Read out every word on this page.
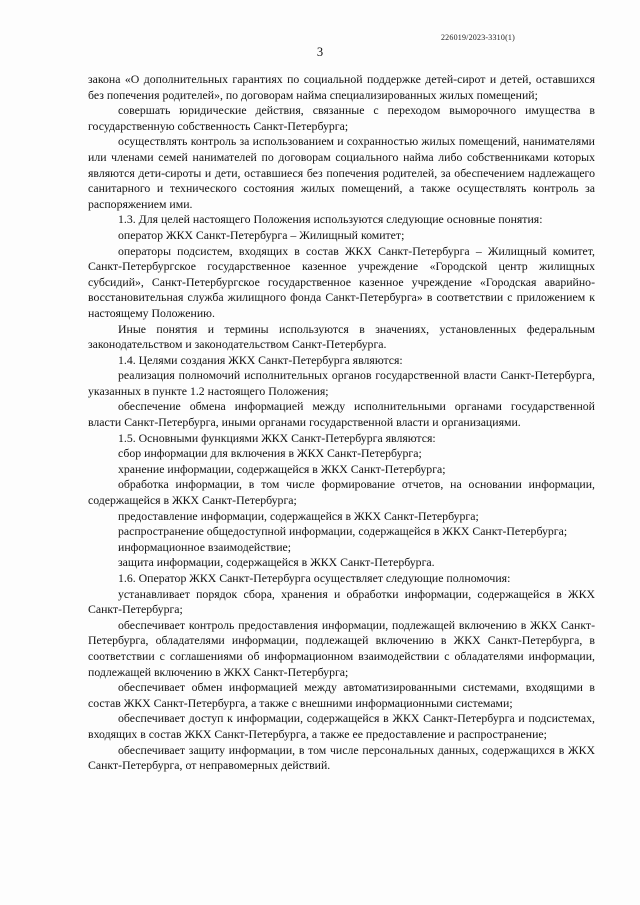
226019/2023-3310(1)
3

закона «О дополнительных гарантиях по социальной поддержке детей-сирот и детей, оставшихся без попечения родителей», по договорам найма специализированных жилых помещений;

совершать юридические действия, связанные с переходом выморочного имущества в государственную собственность Санкт-Петербурга;

осуществлять контроль за использованием и сохранностью жилых помещений, нанимателями или членами семей нанимателей по договорам социального найма либо собственниками которых являются дети-сироты и дети, оставшиеся без попечения родителей, за обеспечением надлежащего санитарного и технического состояния жилых помещений, а также осуществлять контроль за распоряжением ими.

1.3. Для целей настоящего Положения используются следующие основные понятия:

оператор ЖКХ Санкт-Петербурга – Жилищный комитет;

операторы подсистем, входящих в состав ЖКХ Санкт-Петербурга – Жилищный комитет, Санкт-Петербургское государственное казенное учреждение «Городской центр жилищных субсидий», Санкт-Петербургское государственное казенное учреждение «Городская аварийно-восстановительная служба жилищного фонда Санкт-Петербурга» в соответствии с приложением к настоящему Положению.

Иные понятия и термины используются в значениях, установленных федеральным законодательством и законодательством Санкт-Петербурга.

1.4. Целями создания ЖКХ Санкт-Петербурга являются:

реализация полномочий исполнительных органов государственной власти Санкт-Петербурга, указанных в пункте 1.2 настоящего Положения;

обеспечение обмена информацией между исполнительными органами государственной власти Санкт-Петербурга, иными органами государственной власти и организациями.

1.5. Основными функциями ЖКХ Санкт-Петербурга являются:

сбор информации для включения в ЖКХ Санкт-Петербурга;

хранение информации, содержащейся в ЖКХ Санкт-Петербурга;

обработка информации, в том числе формирование отчетов, на основании информации, содержащейся в ЖКХ Санкт-Петербурга;

предоставление информации, содержащейся в ЖКХ Санкт-Петербурга;

распространение общедоступной информации, содержащейся в ЖКХ Санкт-Петербурга;

информационное взаимодействие;

защита информации, содержащейся в ЖКХ Санкт-Петербурга.

1.6. Оператор ЖКХ Санкт-Петербурга осуществляет следующие полномочия:

устанавливает порядок сбора, хранения и обработки информации, содержащейся в ЖКХ Санкт-Петербурга;

обеспечивает контроль предоставления информации, подлежащей включению в ЖКХ Санкт-Петербурга, обладателями информации, подлежащей включению в ЖКХ Санкт-Петербурга, в соответствии с соглашениями об информационном взаимодействии с обладателями информации, подлежащей включению в ЖКХ Санкт-Петербурга;

обеспечивает обмен информацией между автоматизированными системами, входящими в состав ЖКХ Санкт-Петербурга, а также с внешними информационными системами;

обеспечивает доступ к информации, содержащейся в ЖКХ Санкт-Петербурга и подсистемах, входящих в состав ЖКХ Санкт-Петербурга, а также ее предоставление и распространение;

обеспечивает защиту информации, в том числе персональных данных, содержащихся в ЖКХ Санкт-Петербурга, от неправомерных действий.
